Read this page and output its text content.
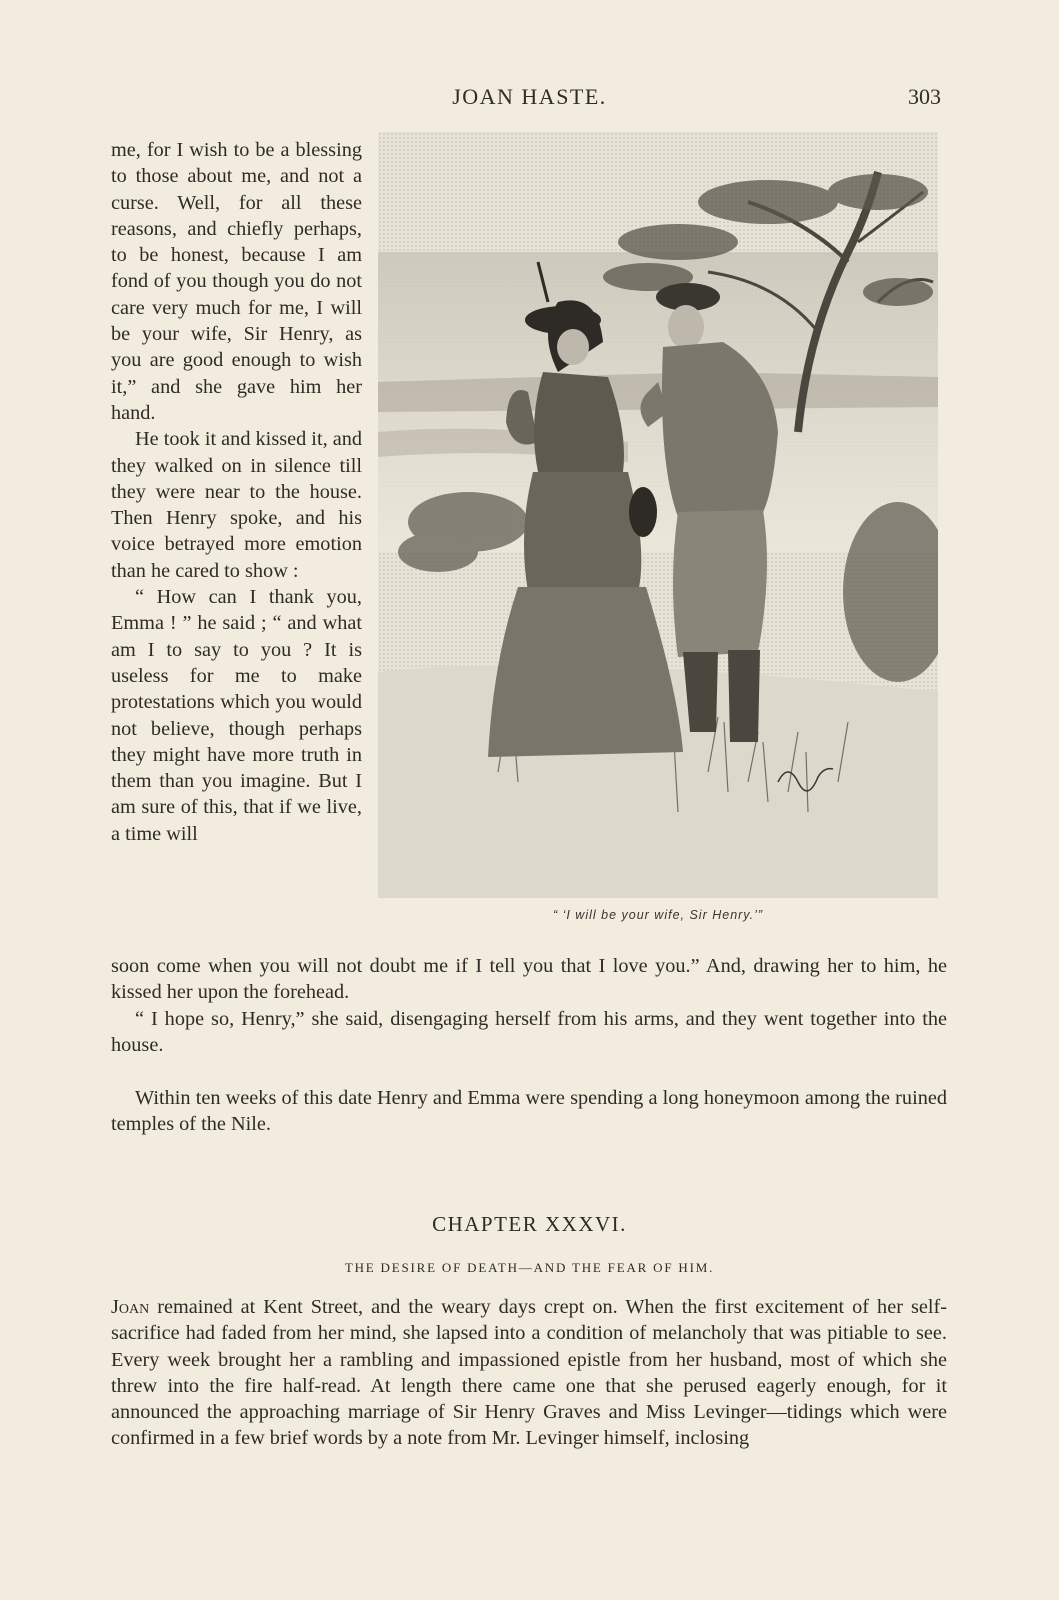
JOAN HASTE.	303
“ ‘I will be your wife, Sir Henry.’”

me, for I wish to be a blessing to those about me, and not a curse. Well, for all these reasons, and chiefly perhaps, to be honest, because I am fond of you though you do not care very much for me, I will be your wife, Sir Henry, as you are good enough to wish it,” and she gave him her hand.

He took it and kissed it, and they walked on in silence till they were near to the house. Then Henry spoke, and his voice betrayed more emotion than he cared to show :

“ How can I thank you, Emma ! ” he said ; “ and what am I to say to you ? It is useless for me to make protestations which you would not believe, though perhaps they might have more truth in them than you imagine. But I am sure of this, that if we live, a time will

soon come when you will not doubt me if I tell you that I love you.” And, drawing her to him, he kissed her upon the forehead.

“ I hope so, Henry,” she said, disengaging herself from his arms, and they went together into the house.

Within ten weeks of this date Henry and Emma were spending a long honeymoon among the ruined temples of the Nile.

CHAPTER XXXVI.
THE DESIRE OF DEATH—AND THE FEAR OF HIM.

Joan remained at Kent Street, and the weary days crept on. When the first excitement of her self-sacrifice had faded from her mind, she lapsed into a condition of melancholy that was pitiable to see. Every week brought her a rambling and impassioned epistle from her husband, most of which she threw into the fire half-read. At length there came one that she perused eagerly enough, for it announced the approaching marriage of Sir Henry Graves and Miss Levinger—tidings which were confirmed in a few brief words by a note from Mr. Levinger himself, inclosing
